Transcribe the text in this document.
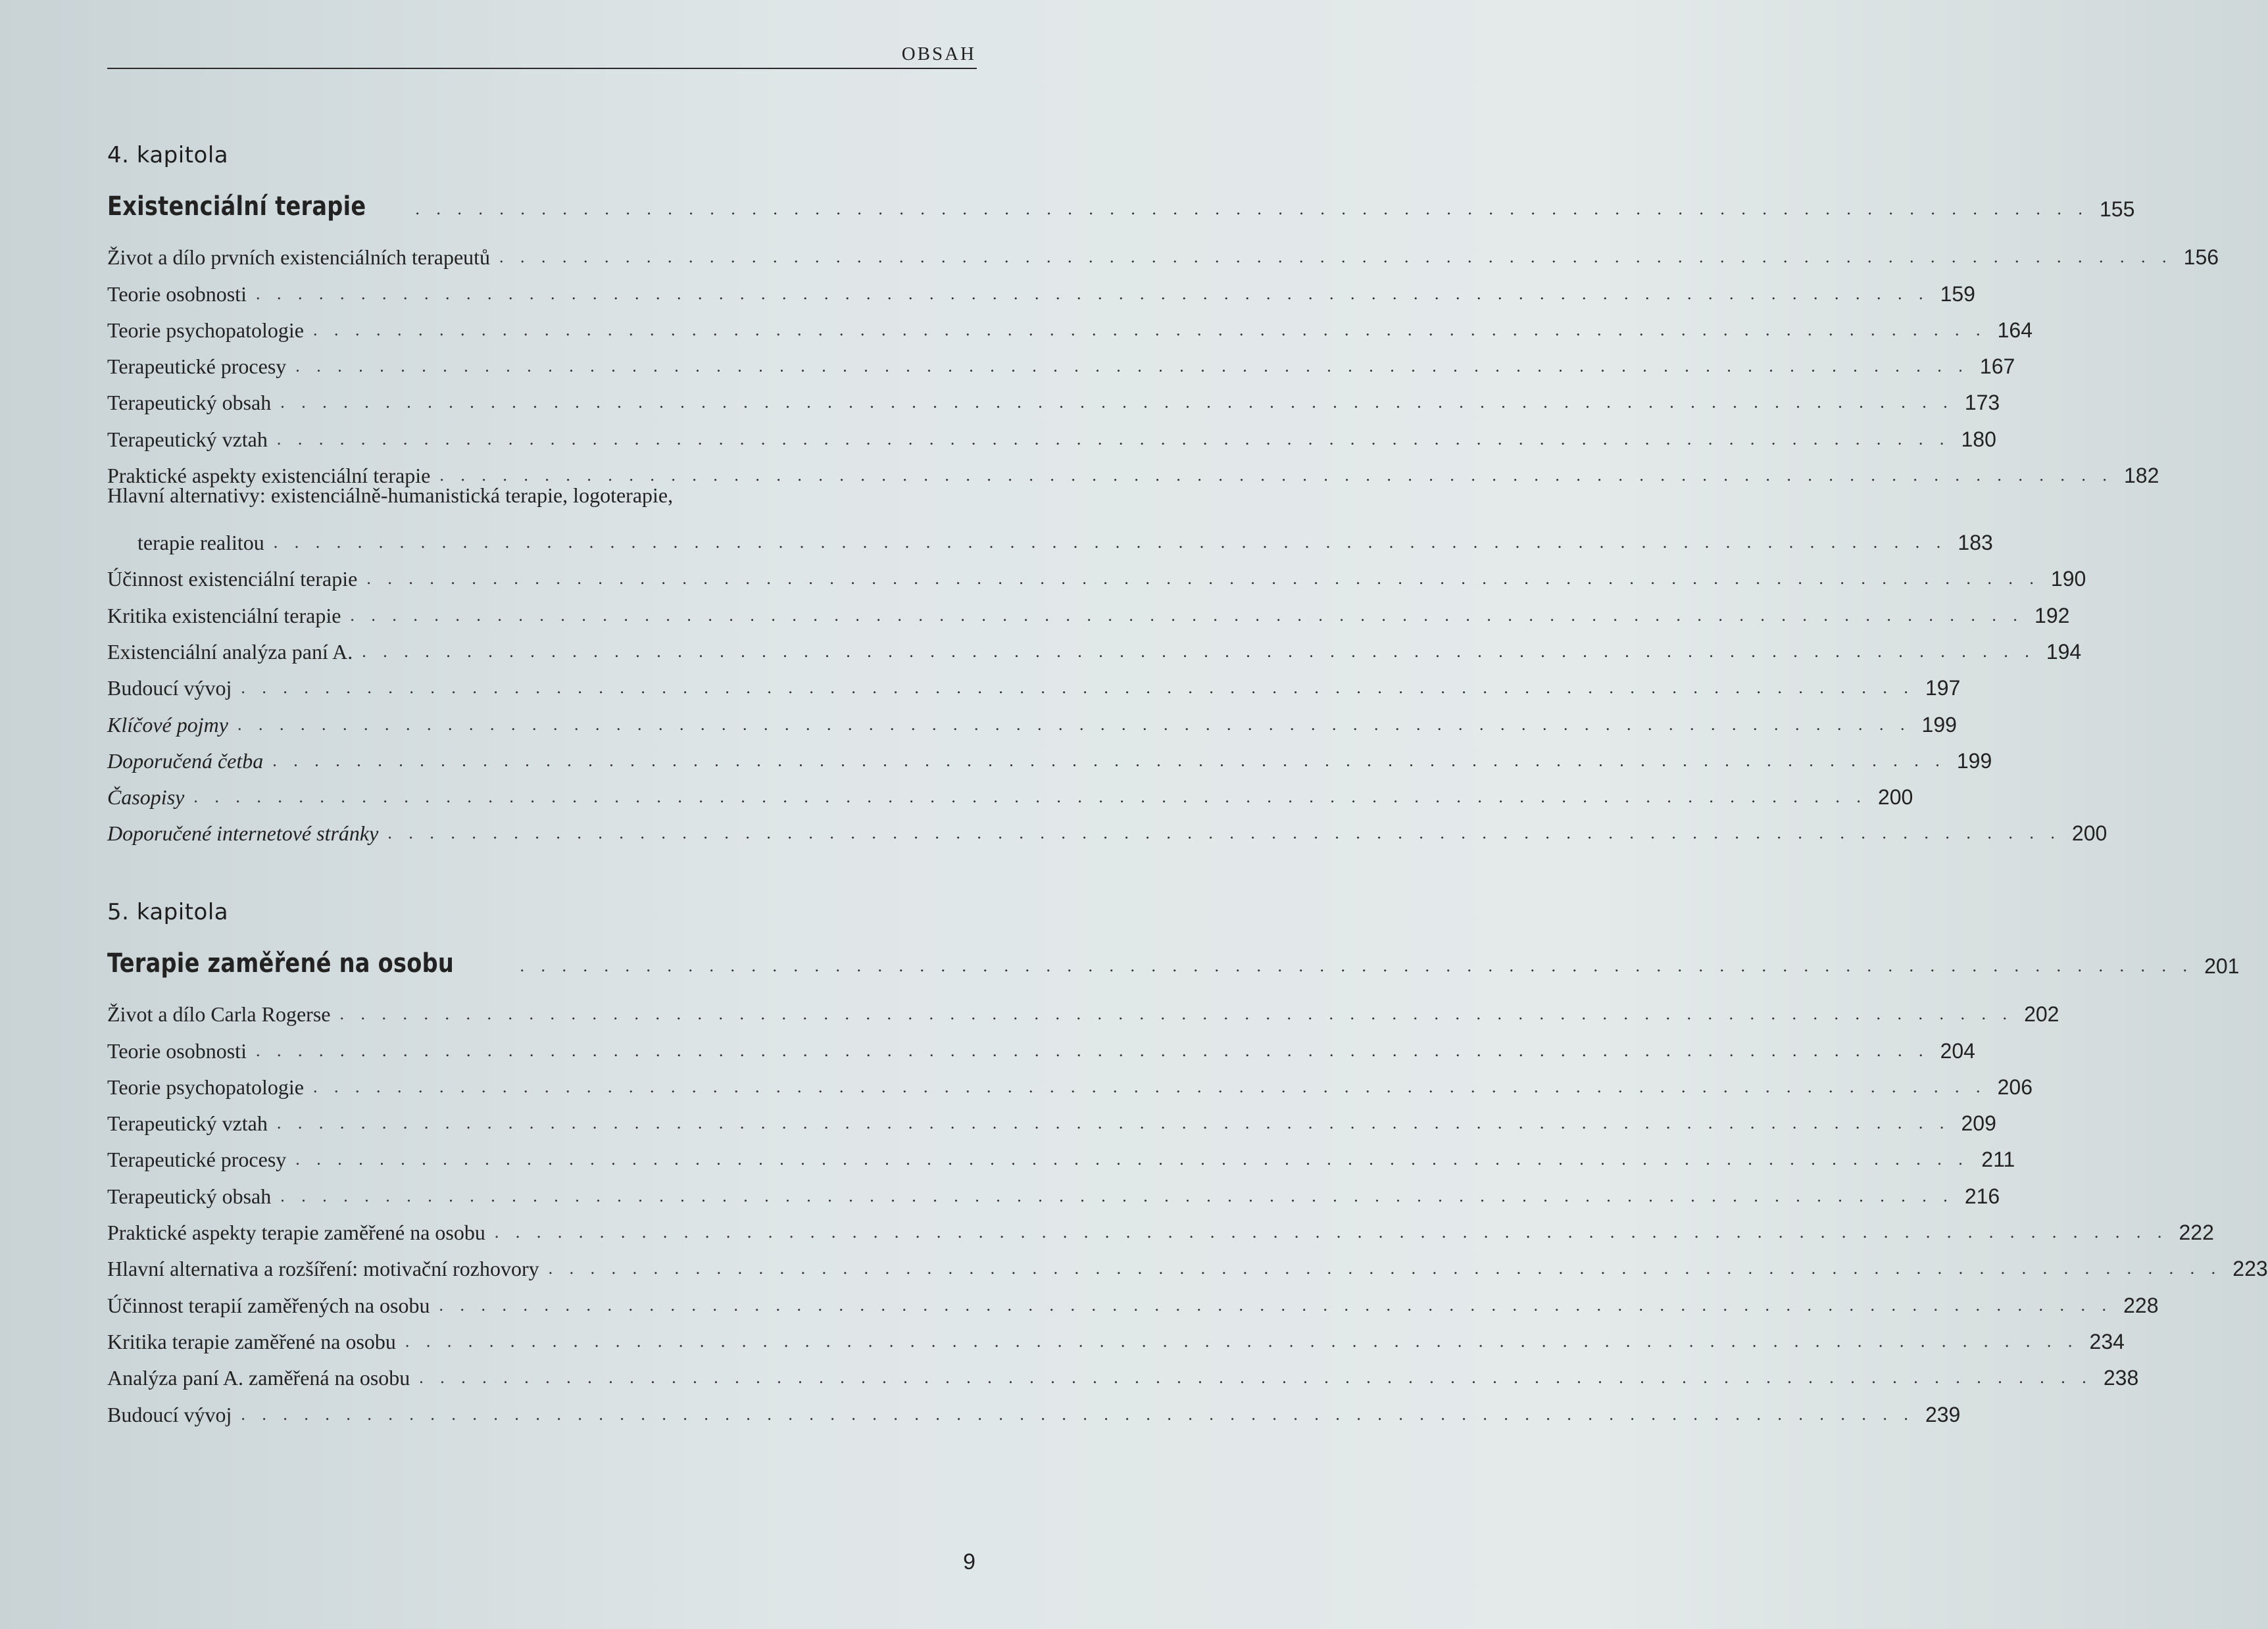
OBSAH
4. kapitola
Existenciální terapie	. . . . . . . . . . . . . . . . . . . . . . . . . . . . . . . . . . . . . . . . . . . . . . . . . . . . . . . . . . . . . . . . . . . . . . . . . . . . . . . . 155
Život a dílo prvních existenciálních terapeutů . . . . . . . . . . . . . . . . . . . . . . . . . . . . . . . . . . . . . . . . . . . . . . . . . . . . . . . . . . . . . . . . . . . . . . . . . . . . . . . . 156
Teorie osobnosti . . . . . . . . . . . . . . . . . . . . . . . . . . . . . . . . . . . . . . . . . . . . . . . . . . . . . . . . . . . . . . . . . . . . . . . . . . . . . . . . 159
Teorie psychopatologie . . . . . . . . . . . . . . . . . . . . . . . . . . . . . . . . . . . . . . . . . . . . . . . . . . . . . . . . . . . . . . . . . . . . . . . . . . . . . . . . 164
Terapeutické procesy . . . . . . . . . . . . . . . . . . . . . . . . . . . . . . . . . . . . . . . . . . . . . . . . . . . . . . . . . . . . . . . . . . . . . . . . . . . . . . . . 167
Terapeutický obsah . . . . . . . . . . . . . . . . . . . . . . . . . . . . . . . . . . . . . . . . . . . . . . . . . . . . . . . . . . . . . . . . . . . . . . . . . . . . . . . . 173
Terapeutický vztah . . . . . . . . . . . . . . . . . . . . . . . . . . . . . . . . . . . . . . . . . . . . . . . . . . . . . . . . . . . . . . . . . . . . . . . . . . . . . . . . 180
Praktické aspekty existenciální terapie . . . . . . . . . . . . . . . . . . . . . . . . . . . . . . . . . . . . . . . . . . . . . . . . . . . . . . . . . . . . . . . . . . . . . . . . . . . . . . . . 182
Hlavní alternativy: existenciálně-humanistická terapie, logoterapie,
terapie realitou . . . . . . . . . . . . . . . . . . . . . . . . . . . . . . . . . . . . . . . . . . . . . . . . . . . . . . . . . . . . . . . . . . . . . . . . . . . . . . . . 183
Účinnost existenciální terapie . . . . . . . . . . . . . . . . . . . . . . . . . . . . . . . . . . . . . . . . . . . . . . . . . . . . . . . . . . . . . . . . . . . . . . . . . . . . . . . . 190
Kritika existenciální terapie . . . . . . . . . . . . . . . . . . . . . . . . . . . . . . . . . . . . . . . . . . . . . . . . . . . . . . . . . . . . . . . . . . . . . . . . . . . . . . . . 192
Existenciální analýza paní A. . . . . . . . . . . . . . . . . . . . . . . . . . . . . . . . . . . . . . . . . . . . . . . . . . . . . . . . . . . . . . . . . . . . . . . . . . . . . . . . . 194
Budoucí vývoj . . . . . . . . . . . . . . . . . . . . . . . . . . . . . . . . . . . . . . . . . . . . . . . . . . . . . . . . . . . . . . . . . . . . . . . . . . . . . . . . 197
Klíčové pojmy . . . . . . . . . . . . . . . . . . . . . . . . . . . . . . . . . . . . . . . . . . . . . . . . . . . . . . . . . . . . . . . . . . . . . . . . . . . . . . . . 199
Doporučená četba . . . . . . . . . . . . . . . . . . . . . . . . . . . . . . . . . . . . . . . . . . . . . . . . . . . . . . . . . . . . . . . . . . . . . . . . . . . . . . . . 199
Časopisy . . . . . . . . . . . . . . . . . . . . . . . . . . . . . . . . . . . . . . . . . . . . . . . . . . . . . . . . . . . . . . . . . . . . . . . . . . . . . . . . 200
Doporučené internetové stránky . . . . . . . . . . . . . . . . . . . . . . . . . . . . . . . . . . . . . . . . . . . . . . . . . . . . . . . . . . . . . . . . . . . . . . . . . . . . . . . . 200
5. kapitola
Terapie zaměřené na osobu	. . . . . . . . . . . . . . . . . . . . . . . . . . . . . . . . . . . . . . . . . . . . . . . . . . . . . . . . . . . . . . . . . . . . . . . . . . . . . . . . 201
Život a dílo Carla Rogerse . . . . . . . . . . . . . . . . . . . . . . . . . . . . . . . . . . . . . . . . . . . . . . . . . . . . . . . . . . . . . . . . . . . . . . . . . . . . . . . . 202
Teorie osobnosti . . . . . . . . . . . . . . . . . . . . . . . . . . . . . . . . . . . . . . . . . . . . . . . . . . . . . . . . . . . . . . . . . . . . . . . . . . . . . . . . 204
Teorie psychopatologie . . . . . . . . . . . . . . . . . . . . . . . . . . . . . . . . . . . . . . . . . . . . . . . . . . . . . . . . . . . . . . . . . . . . . . . . . . . . . . . . 206
Terapeutický vztah . . . . . . . . . . . . . . . . . . . . . . . . . . . . . . . . . . . . . . . . . . . . . . . . . . . . . . . . . . . . . . . . . . . . . . . . . . . . . . . . 209
Terapeutické procesy . . . . . . . . . . . . . . . . . . . . . . . . . . . . . . . . . . . . . . . . . . . . . . . . . . . . . . . . . . . . . . . . . . . . . . . . . . . . . . . . 211
Terapeutický obsah . . . . . . . . . . . . . . . . . . . . . . . . . . . . . . . . . . . . . . . . . . . . . . . . . . . . . . . . . . . . . . . . . . . . . . . . . . . . . . . . 216
Praktické aspekty terapie zaměřené na osobu . . . . . . . . . . . . . . . . . . . . . . . . . . . . . . . . . . . . . . . . . . . . . . . . . . . . . . . . . . . . . . . . . . . . . . . . . . . . . . . . 222
Hlavní alternativa a rozšíření: motivační rozhovory . . . . . . . . . . . . . . . . . . . . . . . . . . . . . . . . . . . . . . . . . . . . . . . . . . . . . . . . . . . . . . . . . . . . . . . . . . . . . . . . 223
Účinnost terapií zaměřených na osobu . . . . . . . . . . . . . . . . . . . . . . . . . . . . . . . . . . . . . . . . . . . . . . . . . . . . . . . . . . . . . . . . . . . . . . . . . . . . . . . . 228
Kritika terapie zaměřené na osobu . . . . . . . . . . . . . . . . . . . . . . . . . . . . . . . . . . . . . . . . . . . . . . . . . . . . . . . . . . . . . . . . . . . . . . . . . . . . . . . . 234
Analýza paní A. zaměřená na osobu . . . . . . . . . . . . . . . . . . . . . . . . . . . . . . . . . . . . . . . . . . . . . . . . . . . . . . . . . . . . . . . . . . . . . . . . . . . . . . . . 238
Budoucí vývoj . . . . . . . . . . . . . . . . . . . . . . . . . . . . . . . . . . . . . . . . . . . . . . . . . . . . . . . . . . . . . . . . . . . . . . . . . . . . . . . . 239
9
